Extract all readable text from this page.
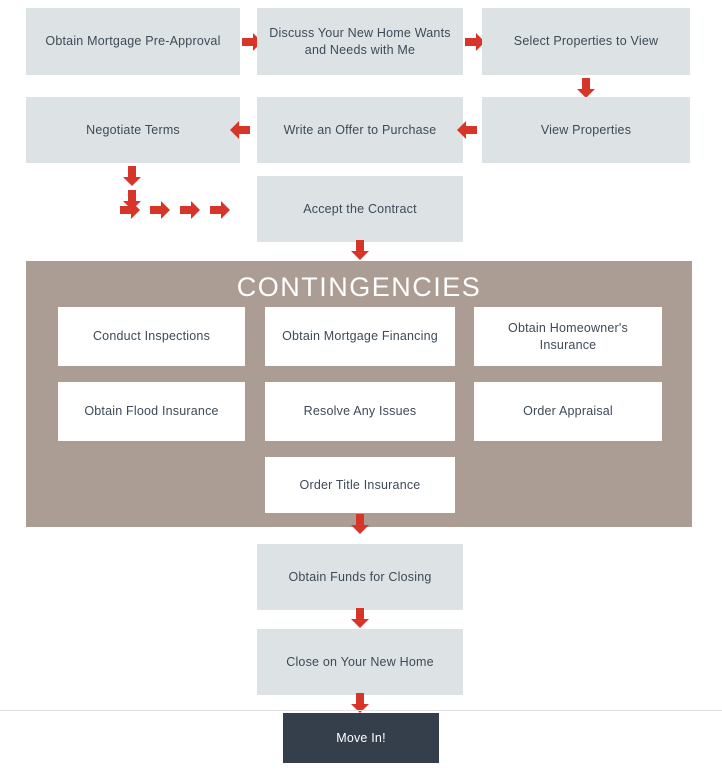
Obtain Mortgage Pre-Approval
Discuss Your New Home Wants and Needs with Me
Select Properties to View
Negotiate Terms	Write an Offer to Purchase	View Properties
Accept the Contract
CONTINGENCIES
Conduct Inspections	Obtain Mortgage Financing
Obtain Homeowner's Insurance
Obtain Flood Insurance	Resolve Any Issues	Order Appraisal
Order Title Insurance
Obtain Funds for Closing
Close on Your New Home
Move In!
